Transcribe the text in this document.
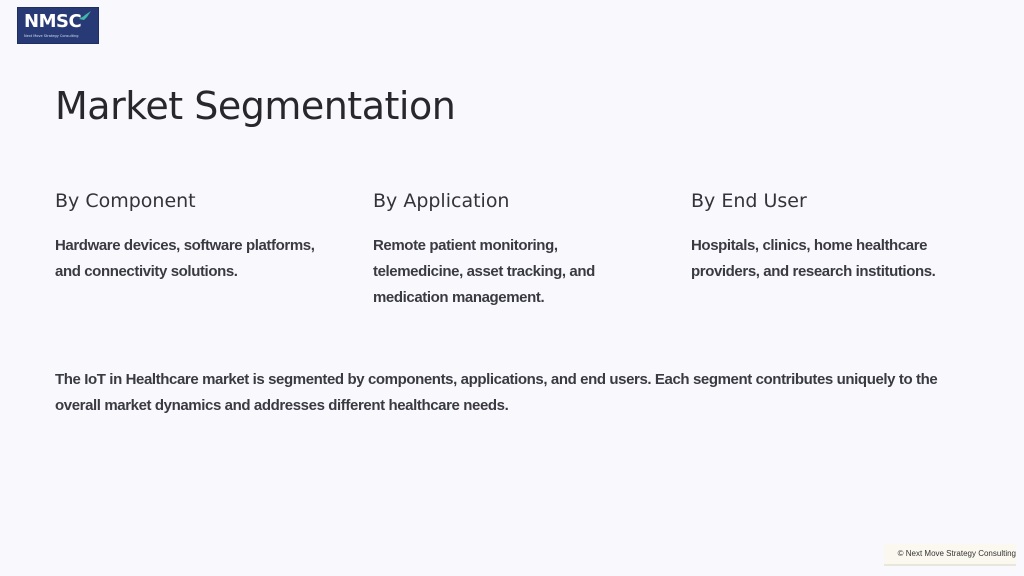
NMSC
Next Move Strategy Consulting
Market Segmentation
By Component

Hardware devices, software platforms, and connectivity solutions.

By Application

Remote patient monitoring, telemedicine, asset tracking, and medication management.

By End User

Hospitals, clinics, home healthcare providers, and research institutions.

The IoT in Healthcare market is segmented by components, applications, and end users. Each segment contributes uniquely to the overall market dynamics and addresses different healthcare needs.

© Next Move Strategy Consulting
